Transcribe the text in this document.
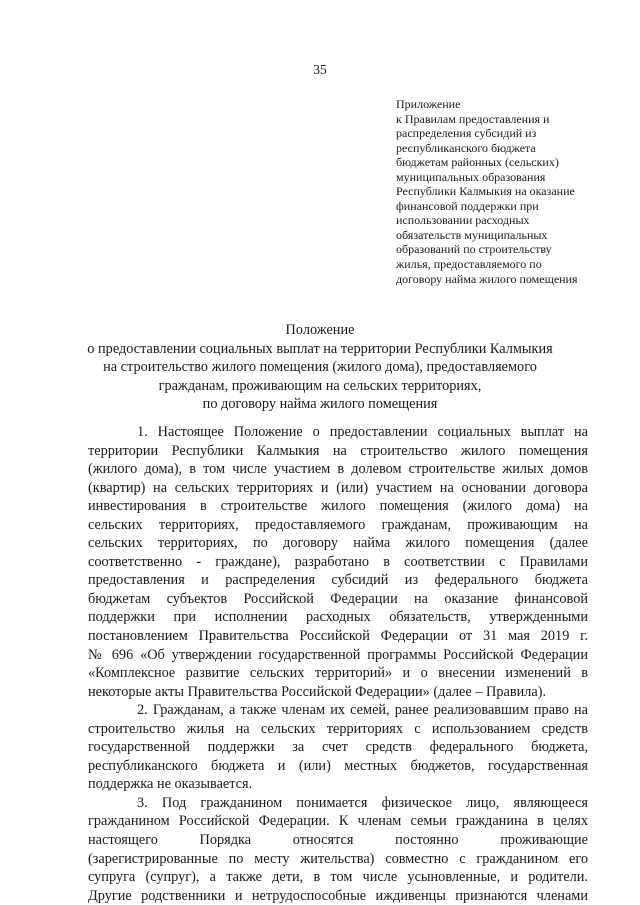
35
Приложение
к Правилам предоставления и
распределения субсидий из
республиканского бюджета
бюджетам районных (сельских)
муниципальных образования
Республики Калмыкия на оказание
финансовой поддержки при
использовании расходных
обязательств муниципальных
образований по строительству
жилья, предоставляемого по
договору найма жилого помещения
Положение
о предоставлении социальных выплат на территории Республики Калмыкия
на строительство жилого помещения (жилого дома), предоставляемого
гражданам, проживающим на сельских территориях,
по договору найма жилого помещения

1. Настоящее Положение о предоставлении социальных выплат на

территории Республики Калмыкия на строительство жилого помещения

(жилого дома), в том числе участием в долевом строительстве жилых домов

(квартир) на сельских территориях и (или) участием на основании договора

инвестирования в строительстве жилого помещения (жилого дома) на

сельских территориях, предоставляемого гражданам, проживающим на

сельских территориях, по договору найма жилого помещения (далее

соответственно - граждане), разработано в соответствии с Правилами

предоставления и распределения субсидий из федерального бюджета

бюджетам субъектов Российской Федерации на оказание финансовой

поддержки при исполнении расходных обязательств, утвержденными

постановлением Правительства Российской Федерации от 31 мая 2019 г.

№ 696 «Об утверждении государственной программы Российской Федерации

«Комплексное развитие сельских территорий» и о внесении изменений в

некоторые акты Правительства Российской Федерации» (далее – Правила).

2. Гражданам, а также членам их семей, ранее реализовавшим право на

строительство жилья на сельских территориях с использованием средств

государственной поддержки за счет средств федерального бюджета,

республиканского бюджета и (или) местных бюджетов, государственная

поддержка не оказывается.

3. Под гражданином понимается физическое лицо, являющееся

гражданином Российской Федерации. К членам семьи гражданина в целях

настоящего Порядка относятся постоянно проживающие

(зарегистрированные по месту жительства) совместно с гражданином его

супруга (супруг), а также дети, в том числе усыновленные, и родители.

Другие родственники и нетрудоспособные иждивенцы признаются членами
